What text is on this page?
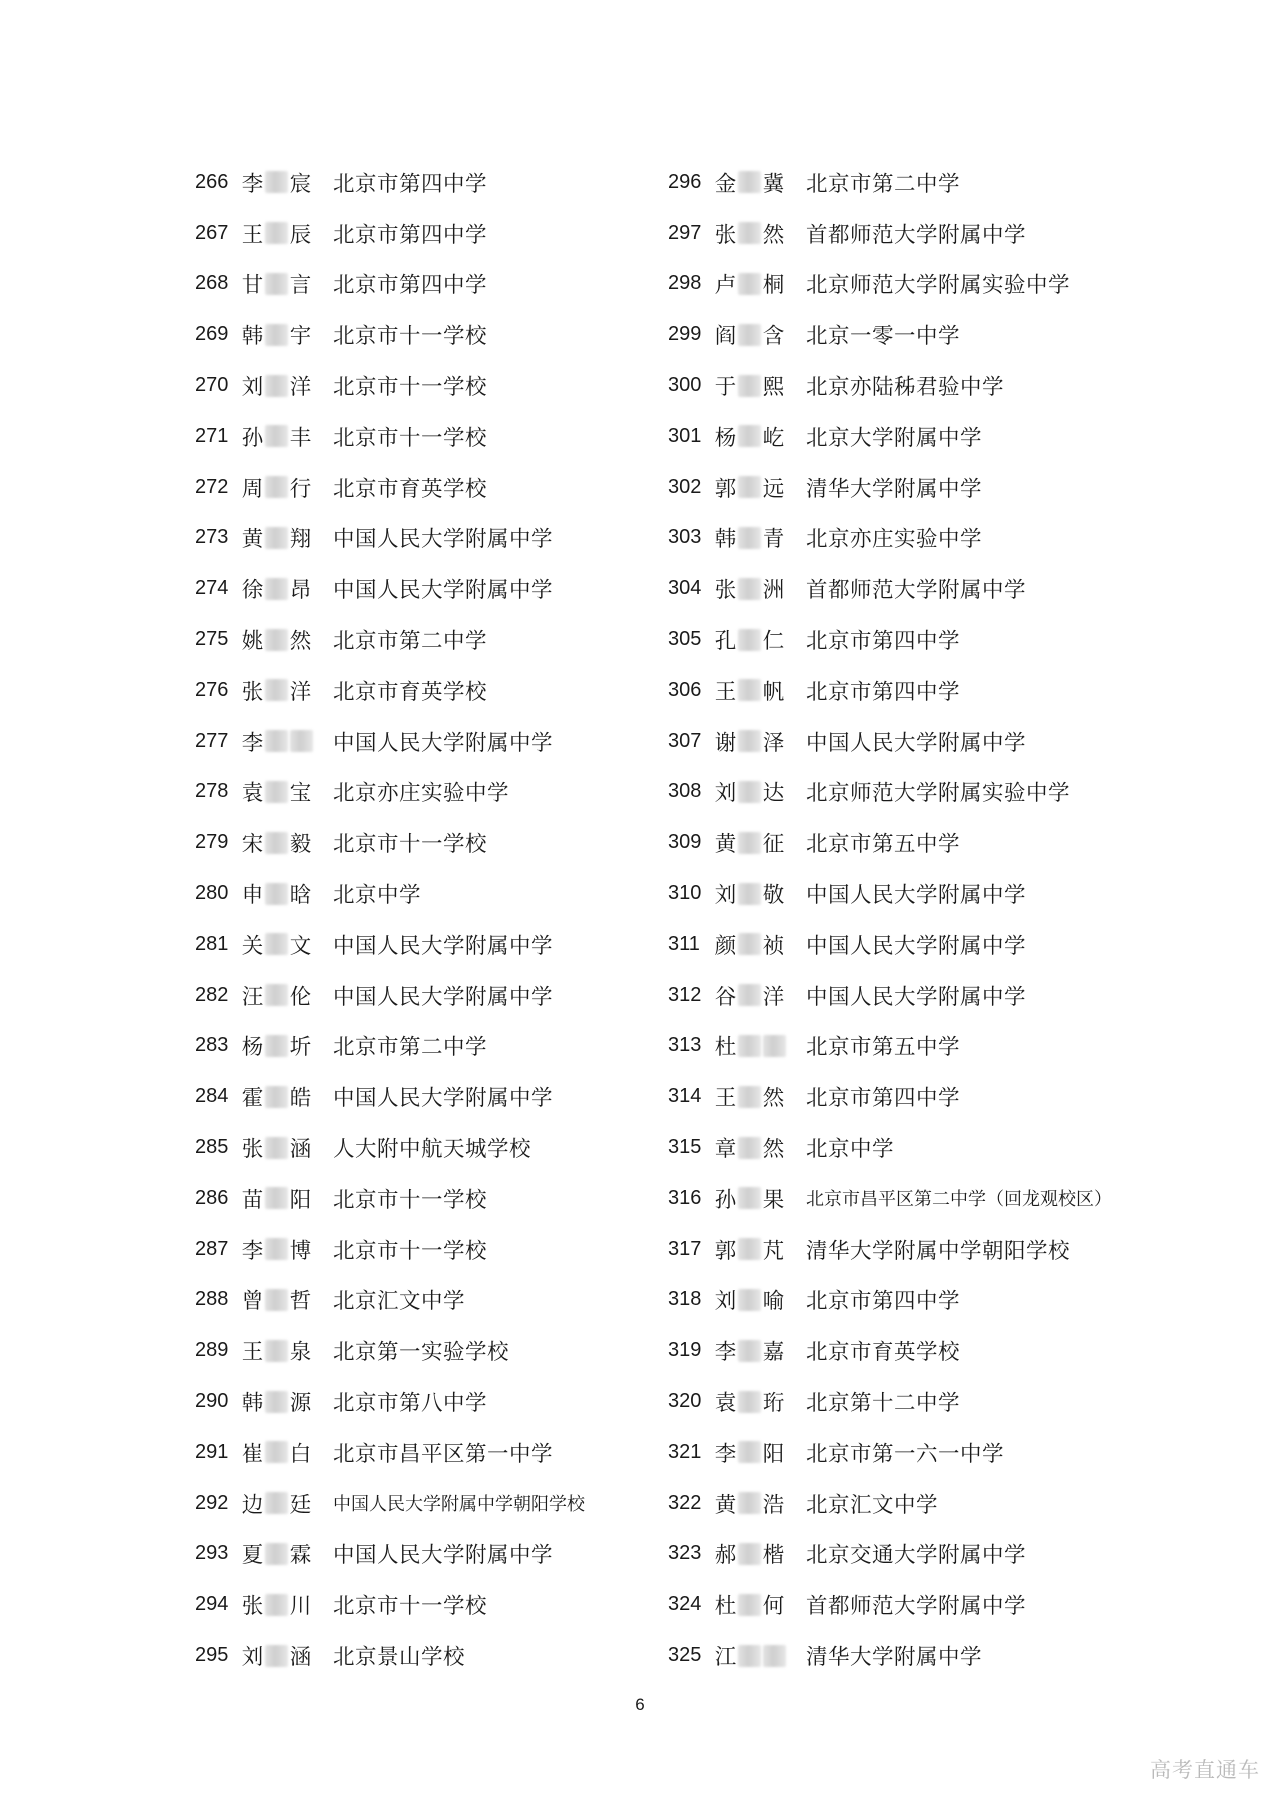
266 李 宸 北京市第四中学
267 王 辰 北京市第四中学
268 甘 言 北京市第四中学
269 韩 宇 北京市十一学校
270 刘 洋 北京市十一学校
271 孙 丰 北京市十一学校
272 周 行 北京市育英学校
273 黄 翔 中国人民大学附属中学
274 徐 昂 中国人民大学附属中学
275 姚 然 北京市第二中学
276 张 洋 北京市育英学校
277 李	中国人民大学附属中学
278 袁 宝 北京亦庄实验中学
279 宋 毅 北京市十一学校
280 申 晗 北京中学
281 关 文 中国人民大学附属中学
282 汪 伦 中国人民大学附属中学
283 杨 圻 北京市第二中学
284 霍 皓 中国人民大学附属中学
285 张 涵 人大附中航天城学校
286 苗 阳 北京市十一学校
287 李 博 北京市十一学校
288 曾 哲 北京汇文中学
289 王 泉 北京第一实验学校
290 韩 源 北京市第八中学
291 崔 白 北京市昌平区第一中学
292 边 廷 中国人民大学附属中学朝阳学校
293 夏 霖 中国人民大学附属中学
294 张 川 北京市十一学校
295 刘 涵 北京景山学校
296 金 冀 北京市第二中学
297 张 然 首都师范大学附属中学
298 卢 桐 北京师范大学附属实验中学
299 阎 含 北京一零一中学
300 于 熙 北京亦陆秭君验中学
301 杨 屹 北京大学附属中学
302 郭 远 清华大学附属中学
303 韩 青 北京亦庄实验中学
304 张 洲 首都师范大学附属中学
305 孔 仁 北京市第四中学
306 王 帆 北京市第四中学
307 谢 泽 中国人民大学附属中学
308 刘 达 北京师范大学附属实验中学
309 黄 征 北京市第五中学
310 刘 敬 中国人民大学附属中学
311 颜 祯 中国人民大学附属中学
312 谷 洋 中国人民大学附属中学
313 杜	北京市第五中学
314 王 然 北京市第四中学
315 章 然 北京中学
316 孙 果 北京市昌平区第二中学（回龙观校区）
317 郭 芃 清华大学附属中学朝阳学校
318 刘 喻 北京市第四中学
319 李 嘉 北京市育英学校
320 袁 珩 北京第十二中学
321 李 阳 北京市第一六一中学
322 黄 浩 北京汇文中学
323 郝 楷 北京交通大学附属中学
324 杜 何 首都师范大学附属中学
325 江	清华大学附属中学
6
高考直通车
